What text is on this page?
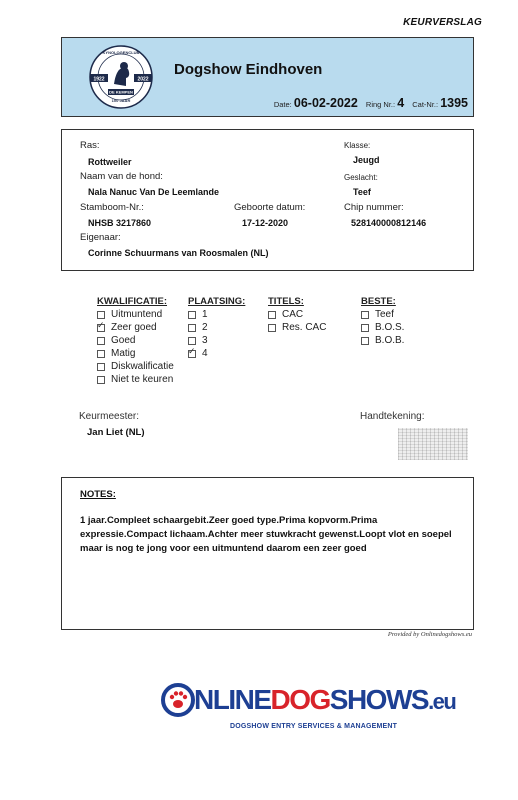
KEURVERSLAG
1922	2022
DE KEMPEN
100 JAAR
KYNOLOGENCLUB
Dogshow Eindhoven
Date: 06-02-2022 Ring Nr.: 4 Cat-Nr.: 1395
Ras:
Rottweiler
Klasse:
Jeugd
Naam van de hond:
Nala Nanuc Van De Leemlande
Geslacht:
Teef
Stamboom-Nr.:
NHSB 3217860
Geboorte datum:
17-12-2020
Chip nummer:
528140000812146
Eigenaar:
Corinne Schuurmans van Roosmalen (NL)
KWALIFICATIE:
Uitmuntend
✓
Zeer goed
Goed
Matig
Diskwalificatie
Niet te keuren
PLAATSING:
1
2
3
✓
4
TITELS:
CAC
Res. CAC
BESTE:
Teef
B.O.S.
B.O.B.
Keurmeester:
Jan Liet (NL)
Handtekening:
NOTES:
1 jaar.Compleet schaargebit.Zeer goed type.Prima kopvorm.Prima expressie.Compact lichaam.Achter meer stuwkracht gewenst.Loopt vlot en soepel maar is nog te jong voor een uitmuntend daarom een zeer goed
Provided by Onlinedogshows.eu
NLINEDOGSHOWS.eu
DOGSHOW ENTRY SERVICES & MANAGEMENT
